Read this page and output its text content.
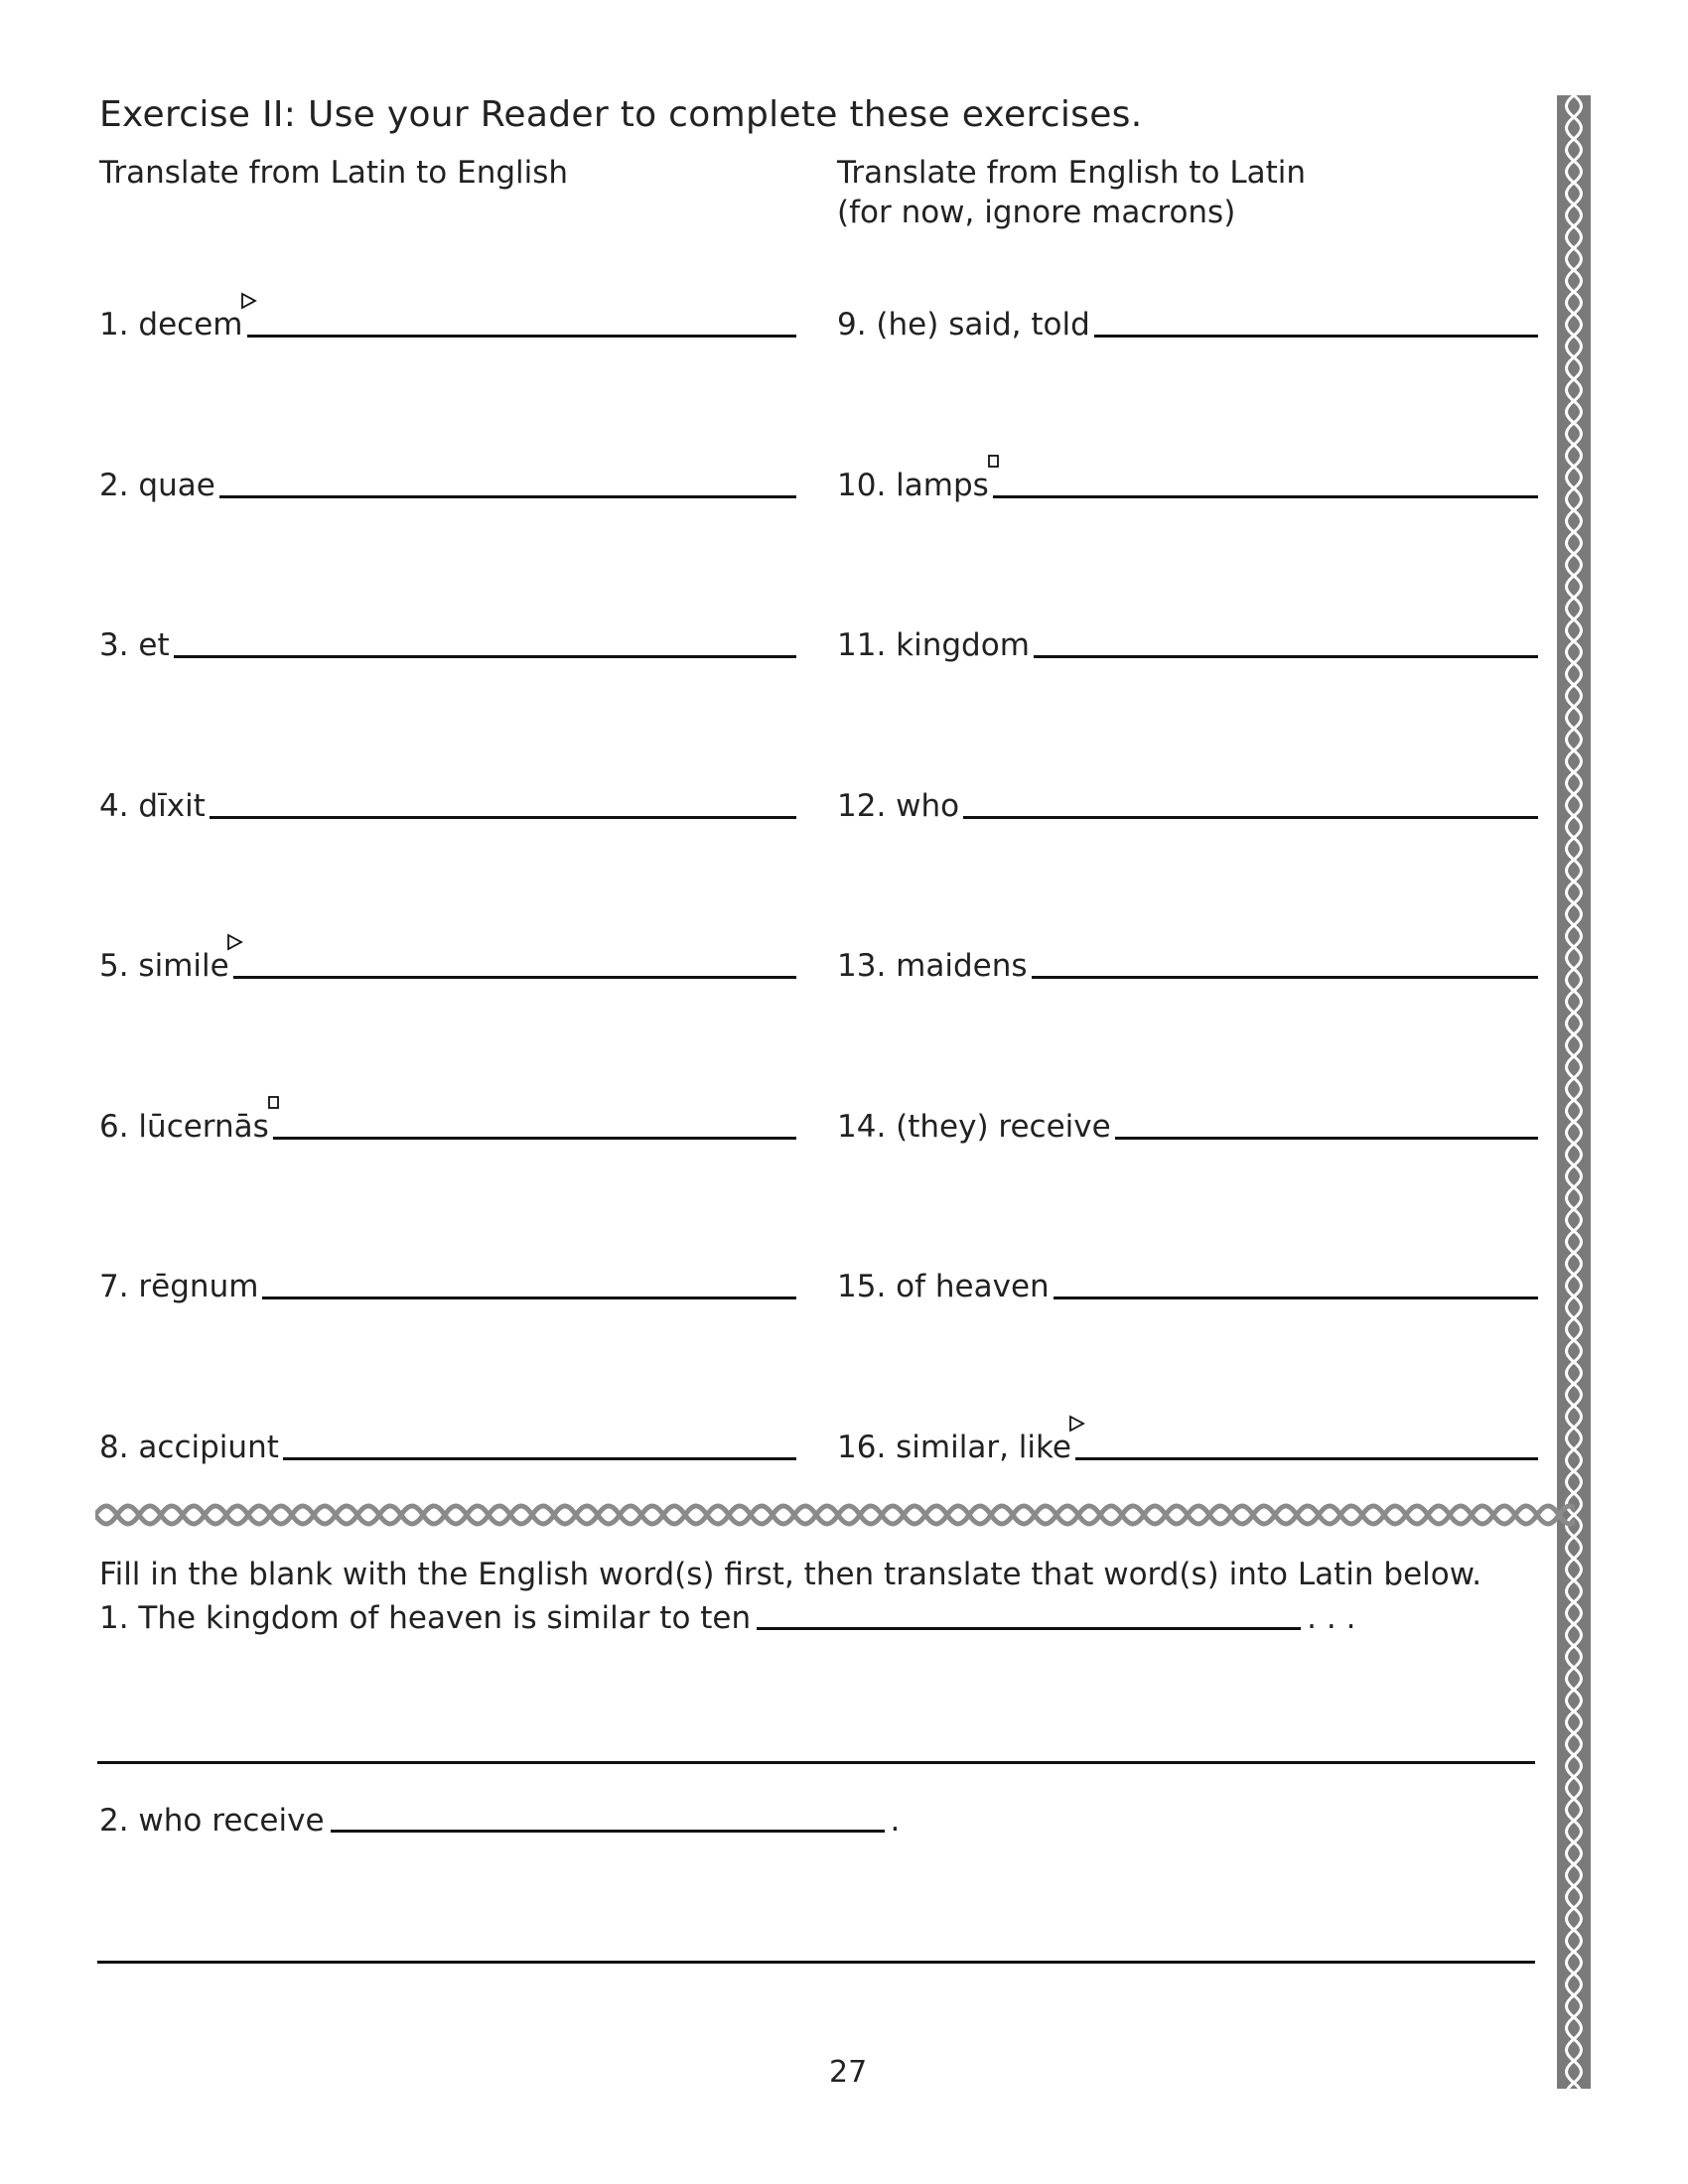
Exercise II: Use your Reader to complete these exercises.
Translate from Latin to English	Translate from English to Latin
(for now, ignore macrons)
1. decem
2. quae
3. et
4. dīxit
5. simile
6. lūcernās
7. rēgnum
8. accipiunt
9. (he) said, told
10. lamps
11. kingdom
12. who
13. maidens
14. (they) receive
15. of heaven
16. similar, like
Fill in the blank with the English word(s) first, then translate that word(s) into Latin below.
1. The kingdom of heaven is similar to ten	. . .
2. who receive	.
27
